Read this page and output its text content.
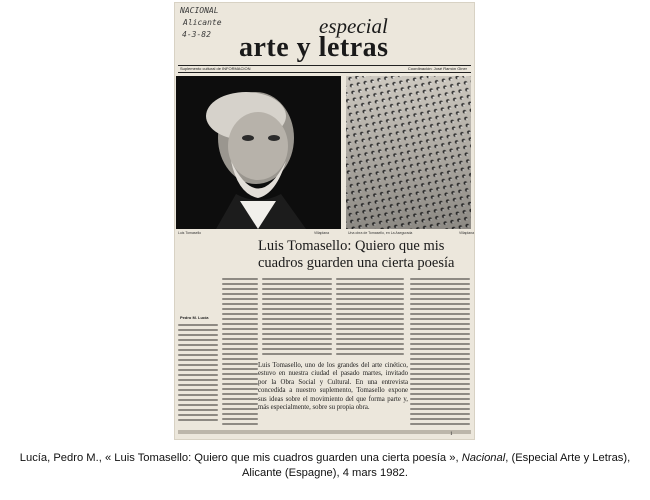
NACIONAL
Alicante
4-3-82	especial
arte y letras
Suplemento cultural de INFORMACION	Coordinación: José Ramón Giner
Luis Tomasello	Villaplana	Una obra de Tomasello, en La Asegurada	Villaplana
Luis Tomasello: Quiero que mis cuadros guarden una cierta poesía
Pedro M. Lucía
Luis Tomasello, uno de los grandes del arte cinético, estuvo en nuestra ciudad el pasado martes, invitado por la Obra Social y Cultural. En una entrevista concedida a nuestro suplemento, Tomasello expone sus ideas sobre el movimiento del que forma parte y, más especialmente, sobre su propia obra.
1
Lucía, Pedro M., « Luis Tomasello: Quiero que mis cuadros guarden una cierta poesía », Nacional, (Especial Arte y Letras),
Alicante (Espagne), 4 mars 1982.
